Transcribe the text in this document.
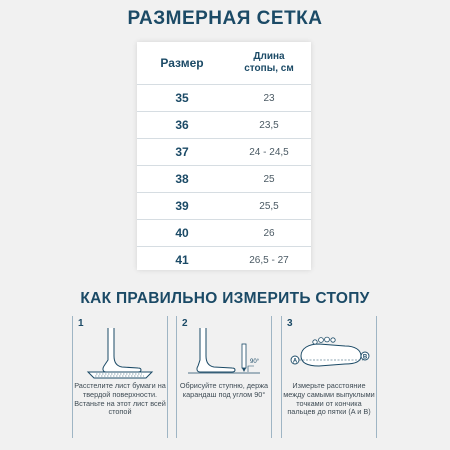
РАЗМЕРНАЯ СЕТКА
Размер	Длина
стопы, см

35	23
36	23,5
37	24 - 24,5
38	25
39	25,5
40	26
41	26,5 - 27
КАК ПРАВИЛЬНО ИЗМЕРИТЬ СТОПУ
1
Расстелите лист бумаги на твердой поверхности. Встаньте на этот лист всей стопой
2
90°
Обрисуйте ступню, держа карандаш под углом 90°
3
A
B
Измерьте расстояние между самыми выпуклыми точками от кончика пальцев до пятки (A и B)
